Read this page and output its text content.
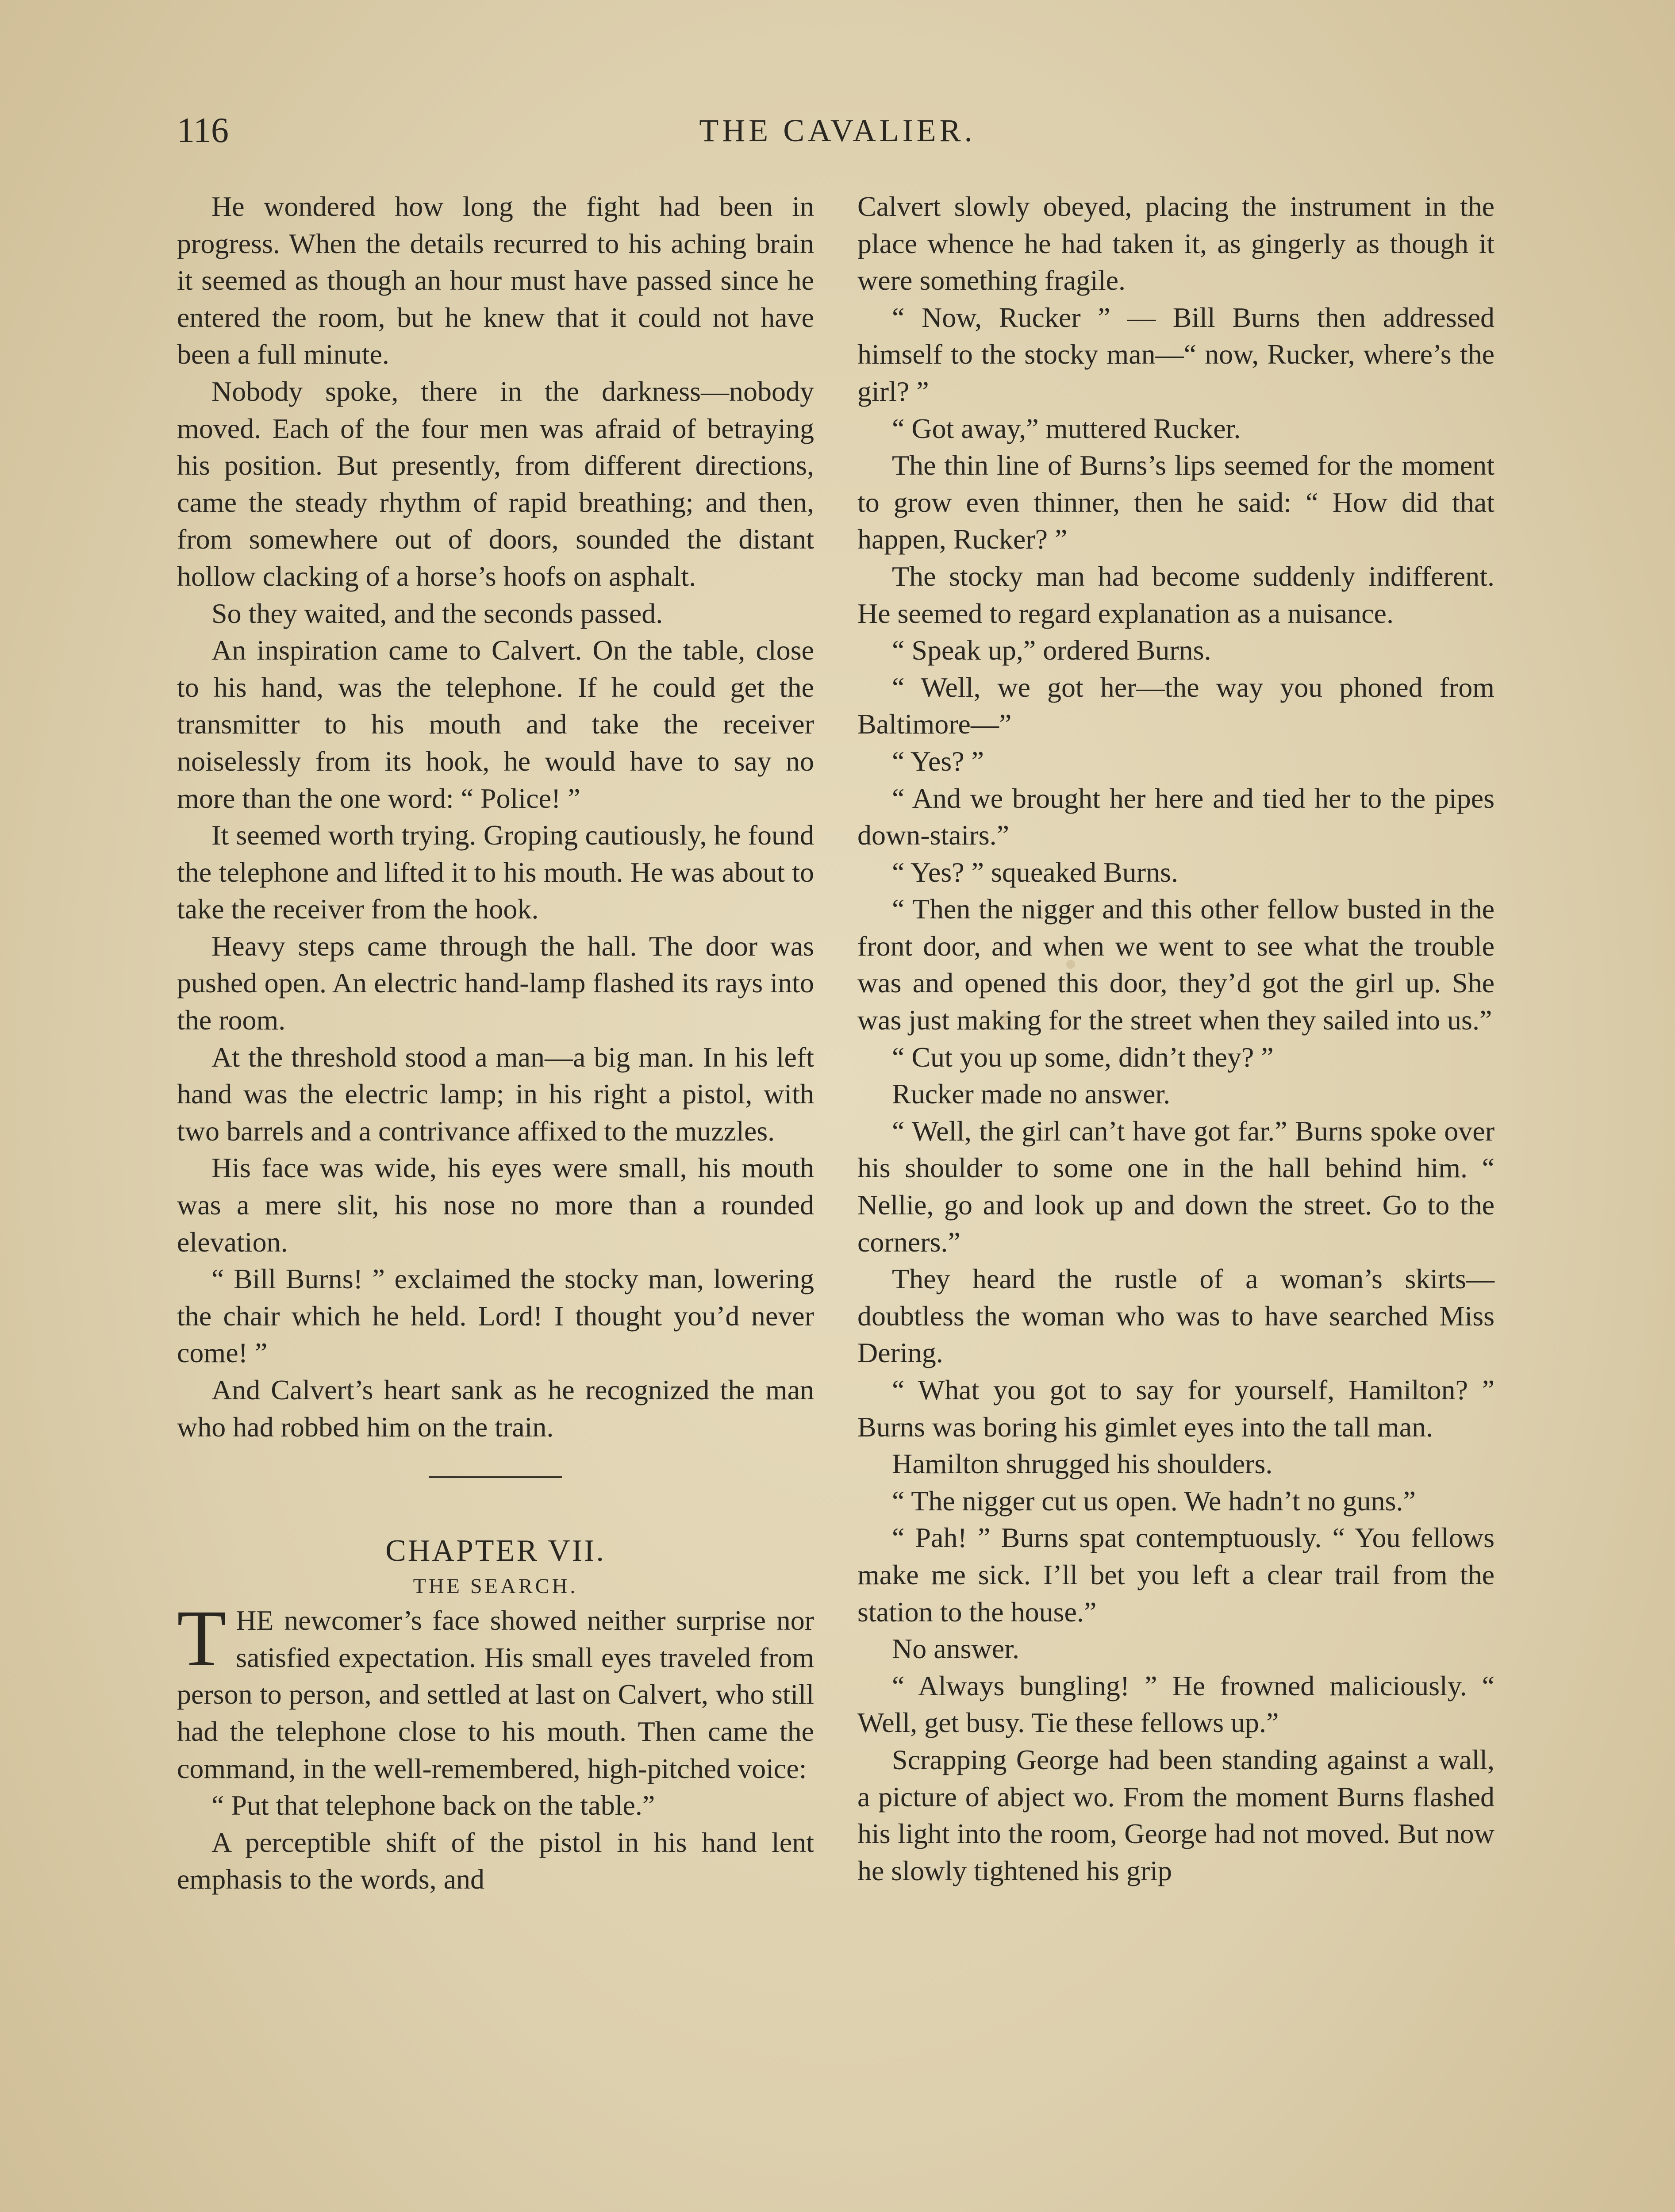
116	THE CAVALIER.

He wondered how long the fight had been in progress. When the details recurred to his aching brain it seemed as though an hour must have passed since he entered the room, but he knew that it could not have been a full minute.

Nobody spoke, there in the darkness—nobody moved. Each of the four men was afraid of betraying his position. But presently, from different directions, came the steady rhythm of rapid breathing; and then, from somewhere out of doors, sounded the distant hollow clacking of a horse’s hoofs on asphalt.

So they waited, and the seconds passed.

An inspiration came to Calvert. On the table, close to his hand, was the telephone. If he could get the transmitter to his mouth and take the receiver noiselessly from its hook, he would have to say no more than the one word: “ Police! ”

It seemed worth trying. Groping cautiously, he found the telephone and lifted it to his mouth. He was about to take the receiver from the hook.

Heavy steps came through the hall. The door was pushed open. An electric hand-lamp flashed its rays into the room.

At the threshold stood a man—a big man. In his left hand was the electric lamp; in his right a pistol, with two barrels and a contrivance affixed to the muzzles.

His face was wide, his eyes were small, his mouth was a mere slit, his nose no more than a rounded elevation.

“ Bill Burns! ” exclaimed the stocky man, lowering the chair which he held. Lord! I thought you’d never come! ”

And Calvert’s heart sank as he recognized the man who had robbed him on the train.

CHAPTER VII.

THE SEARCH.

THE newcomer’s face showed neither surprise nor satisfied expectation. His small eyes traveled from person to person, and settled at last on Calvert, who still had the telephone close to his mouth. Then came the command, in the well-remembered, high-pitched voice:

“ Put that telephone back on the table.”

A perceptible shift of the pistol in his hand lent emphasis to the words, and

Calvert slowly obeyed, placing the instrument in the place whence he had taken it, as gingerly as though it were something fragile.

“ Now, Rucker ” — Bill Burns then addressed himself to the stocky man—“ now, Rucker, where’s the girl? ”

“ Got away,” muttered Rucker.

The thin line of Burns’s lips seemed for the moment to grow even thinner, then he said: “ How did that happen, Rucker? ”

The stocky man had become suddenly indifferent. He seemed to regard explanation as a nuisance.

“ Speak up,” ordered Burns.

“ Well, we got her—the way you phoned from Baltimore—”

“ Yes? ”

“ And we brought her here and tied her to the pipes down-stairs.”

“ Yes? ” squeaked Burns.

“ Then the nigger and this other fellow busted in the front door, and when we went to see what the trouble was and opened this door, they’d got the girl up. She was just making for the street when they sailed into us.”

“ Cut you up some, didn’t they? ”

Rucker made no answer.

“ Well, the girl can’t have got far.” Burns spoke over his shoulder to some one in the hall behind him. “ Nellie, go and look up and down the street. Go to the corners.”

They heard the rustle of a woman’s skirts—doubtless the woman who was to have searched Miss Dering.

“ What you got to say for yourself, Hamilton? ” Burns was boring his gimlet eyes into the tall man.

Hamilton shrugged his shoulders.

“ The nigger cut us open. We hadn’t no guns.”

“ Pah! ” Burns spat contemptuously. “ You fellows make me sick. I’ll bet you left a clear trail from the station to the house.”

No answer.

“ Always bungling! ” He frowned maliciously. “ Well, get busy. Tie these fellows up.”

Scrapping George had been standing against a wall, a picture of abject wo. From the moment Burns flashed his light into the room, George had not moved. But now he slowly tightened his grip
